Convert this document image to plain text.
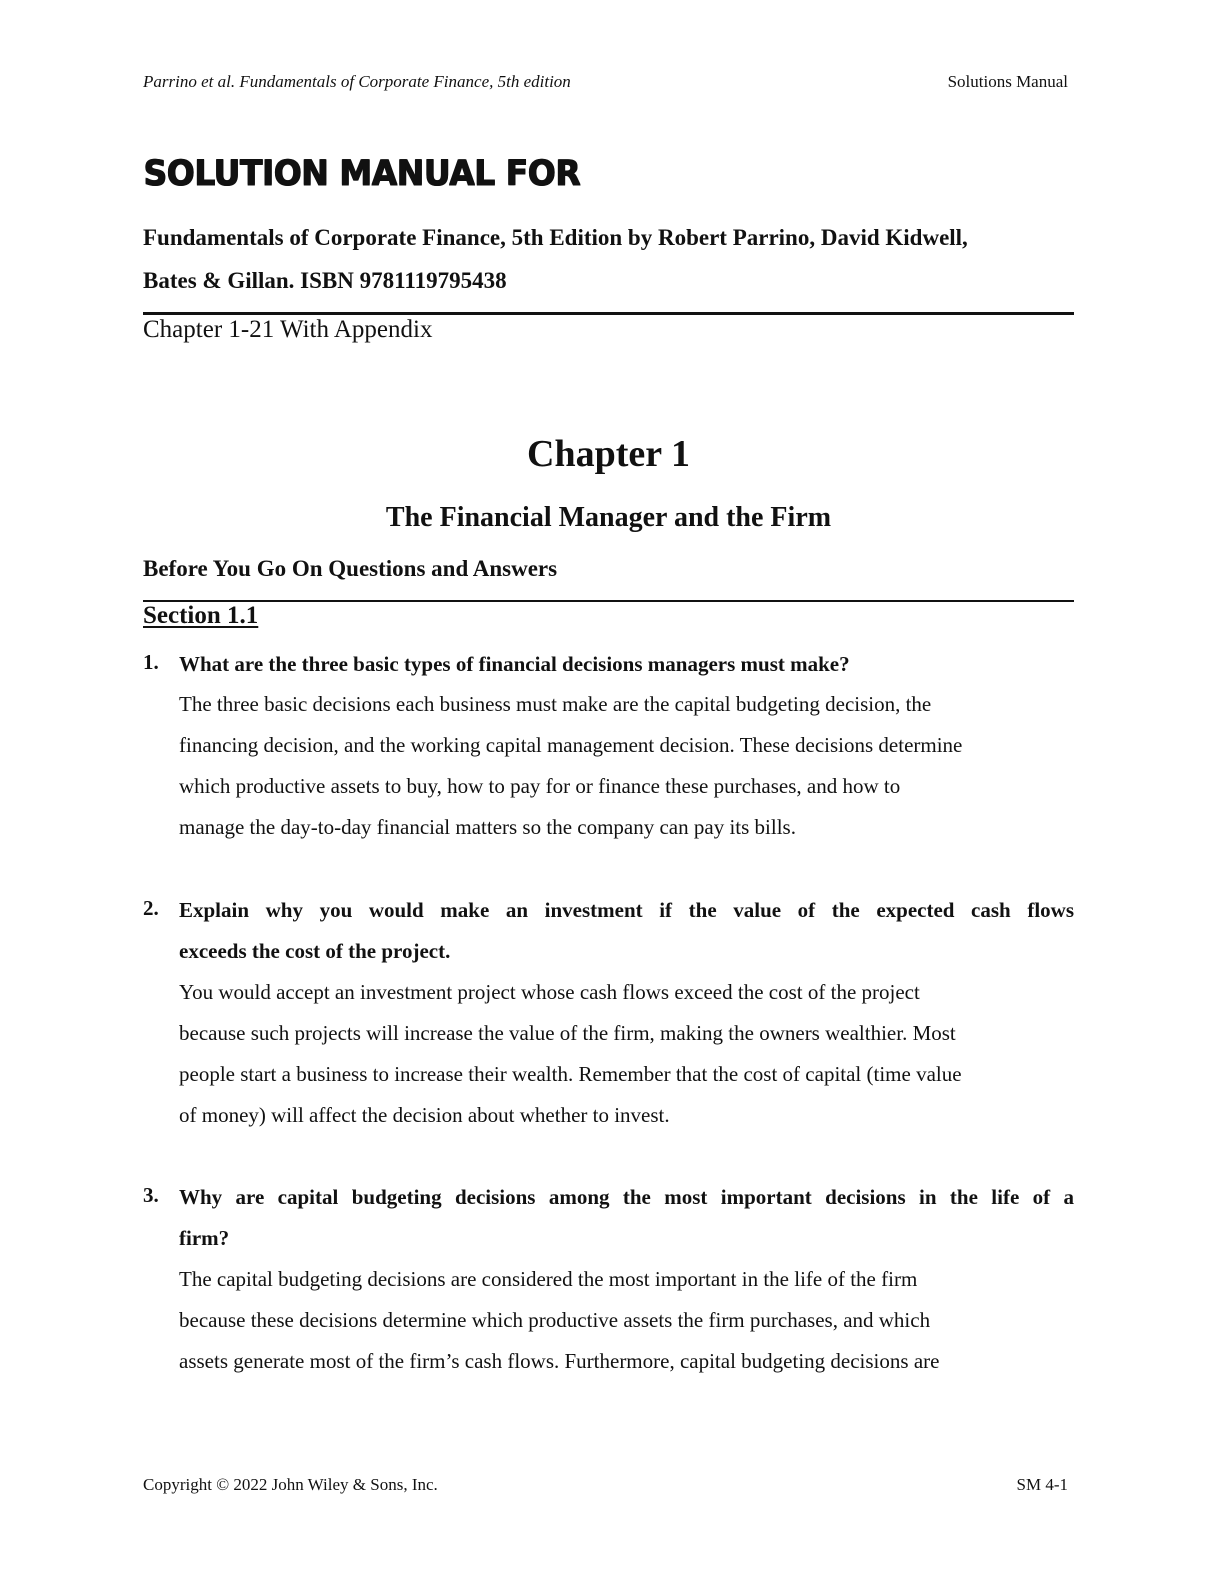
Parrino et al. Fundamentals of Corporate Finance, 5th edition	Solutions Manual
SOLUTION MANUAL FOR
Fundamentals of Corporate Finance, 5th Edition by Robert Parrino, David Kidwell,
Bates & Gillan. ISBN 9781119795438
Chapter 1-21 With Appendix
Chapter 1
The Financial Manager and the Firm
Before You Go On Questions and Answers
Section 1.1
1. What are the three basic types of financial decisions managers must make?
The three basic decisions each business must make are the capital budgeting decision, the
financing decision, and the working capital management decision. These decisions determine
which productive assets to buy, how to pay for or finance these purchases, and how to
manage the day-to-day financial matters so the company can pay its bills.
2. Explain why you would make an investment if the value of the expected cash flows
exceeds the cost of the project.
You would accept an investment project whose cash flows exceed the cost of the project
because such projects will increase the value of the firm, making the owners wealthier. Most
people start a business to increase their wealth. Remember that the cost of capital (time value
of money) will affect the decision about whether to invest.
3. Why are capital budgeting decisions among the most important decisions in the life of a
firm?
The capital budgeting decisions are considered the most important in the life of the firm
because these decisions determine which productive assets the firm purchases, and which
assets generate most of the firm’s cash flows. Furthermore, capital budgeting decisions are
Copyright © 2022 John Wiley & Sons, Inc.	SM 4-1
